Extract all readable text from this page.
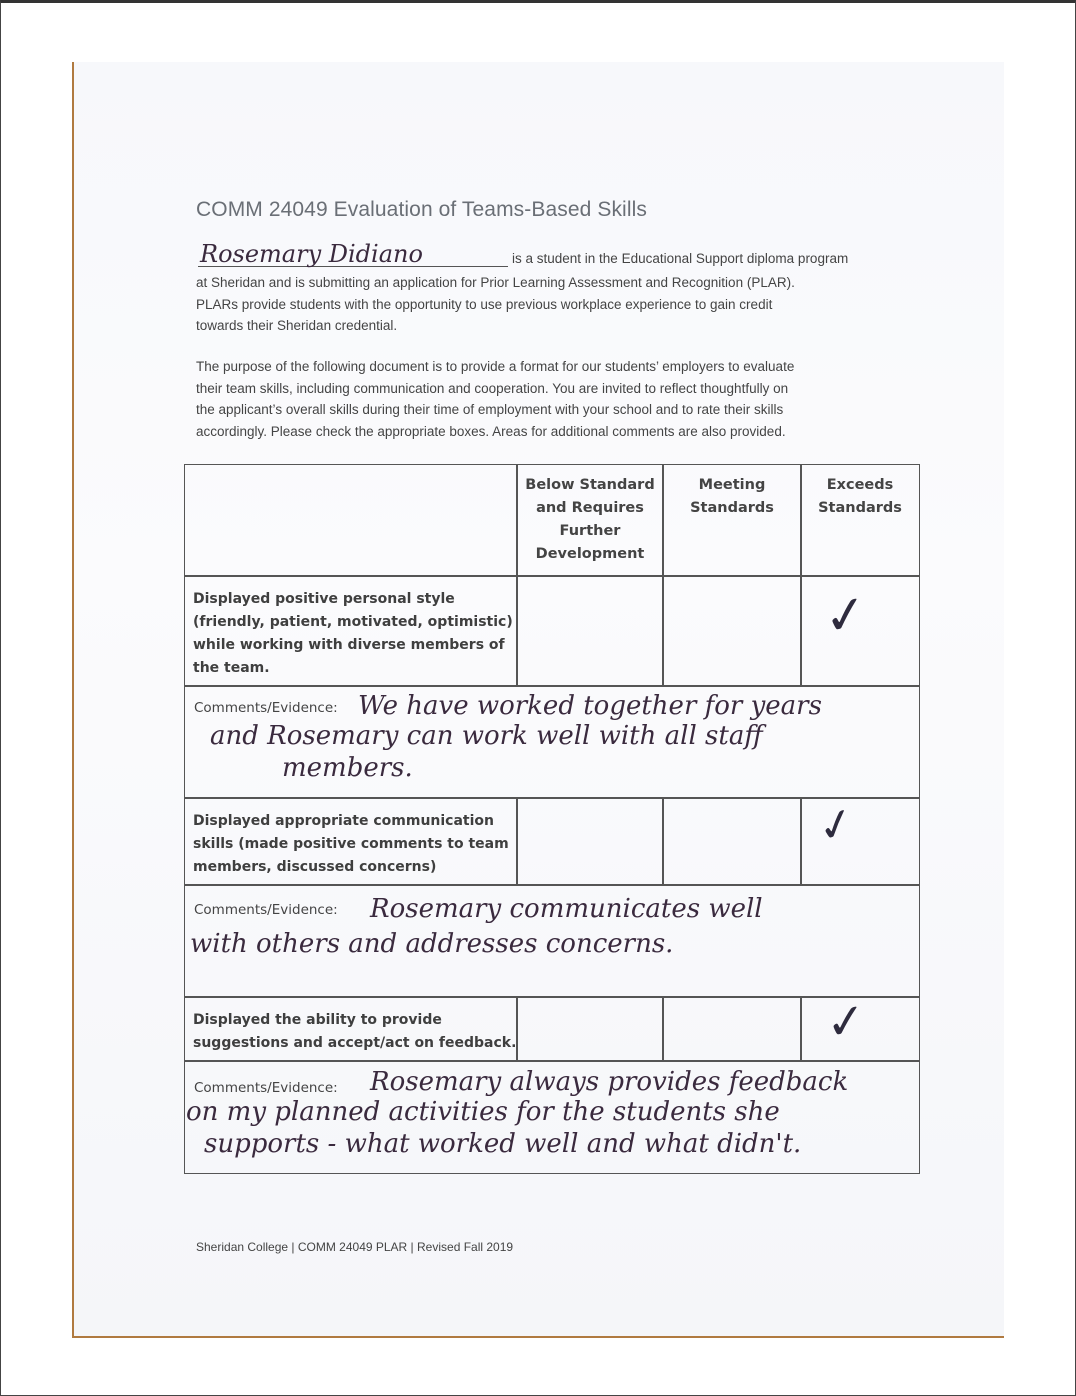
COMM 24049 Evaluation of Teams-Based Skills
Rosemary Didiano	is a student in the Educational Support diploma program
at Sheridan and is submitting an application for Prior Learning Assessment and Recognition (PLAR).
PLARs provide students with the opportunity to use previous workplace experience to gain credit
towards their Sheridan credential.
The purpose of the following document is to provide a format for our students’ employers to evaluate
their team skills, including communication and cooperation. You are invited to reflect thoughtfully on
the applicant’s overall skills during their time of employment with your school and to rate their skills
accordingly. Please check the appropriate boxes. Areas for additional comments are also provided.
Below Standard
and Requires
Further
Development
Meeting
Standards
Exceeds
Standards
Displayed positive personal style
(friendly, patient, motivated, optimistic)
while working with diverse members of
the team.
✓
Comments/Evidence: We have worked together for years
and Rosemary can work well with all staff
members.
Displayed appropriate communication
skills (made positive comments to team
members, discussed concerns)
✓
Comments/Evidence: Rosemary communicates well
with others and addresses concerns.
Displayed the ability to provide
suggestions and accept/act on feedback.	✓
Comments/Evidence: Rosemary always provides feedback
on my planned activities for the students she
supports - what worked well and what didn't.
Sheridan College | COMM 24049 PLAR | Revised Fall 2019
